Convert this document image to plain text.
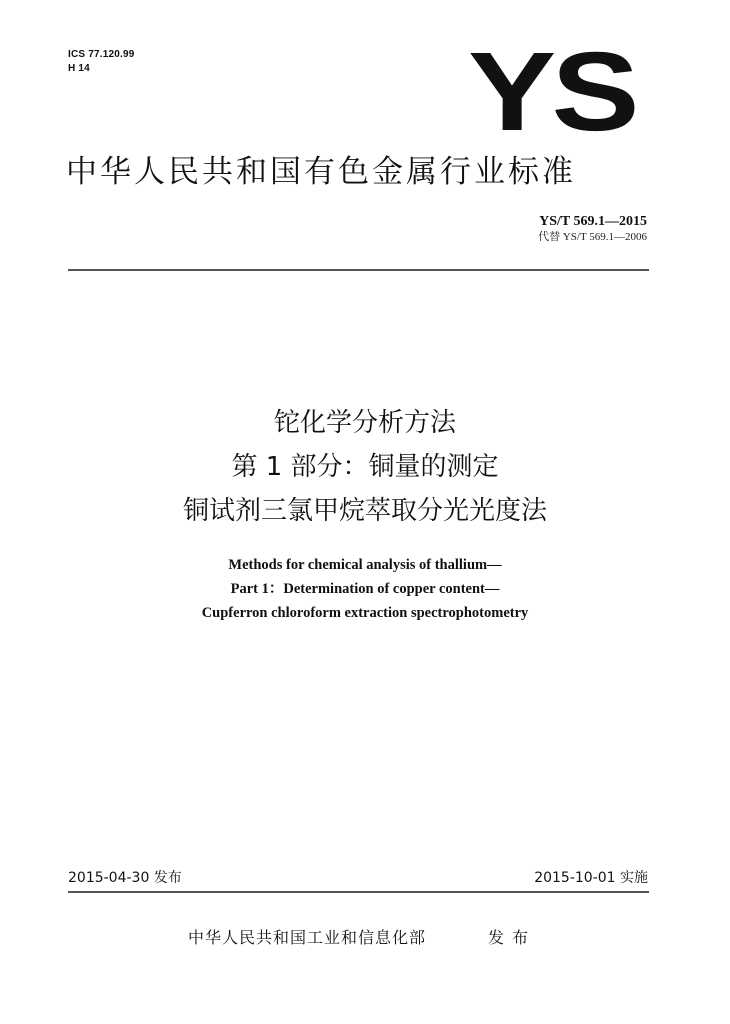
ICS 77.120.99
H 14	YS
中华人民共和国有色金属行业标准
YS/T 569.1—2015
代替 YS/T 569.1—2006
铊化学分析方法
第 1 部分：铜量的测定
铜试剂三氯甲烷萃取分光光度法
Methods for chemical analysis of thallium—
Part 1：Determination of copper content—
Cupferron chloroform extraction spectrophotometry
2015-04-30 发布	2015-10-01 实施
中华人民共和国工业和信息化部	发布
